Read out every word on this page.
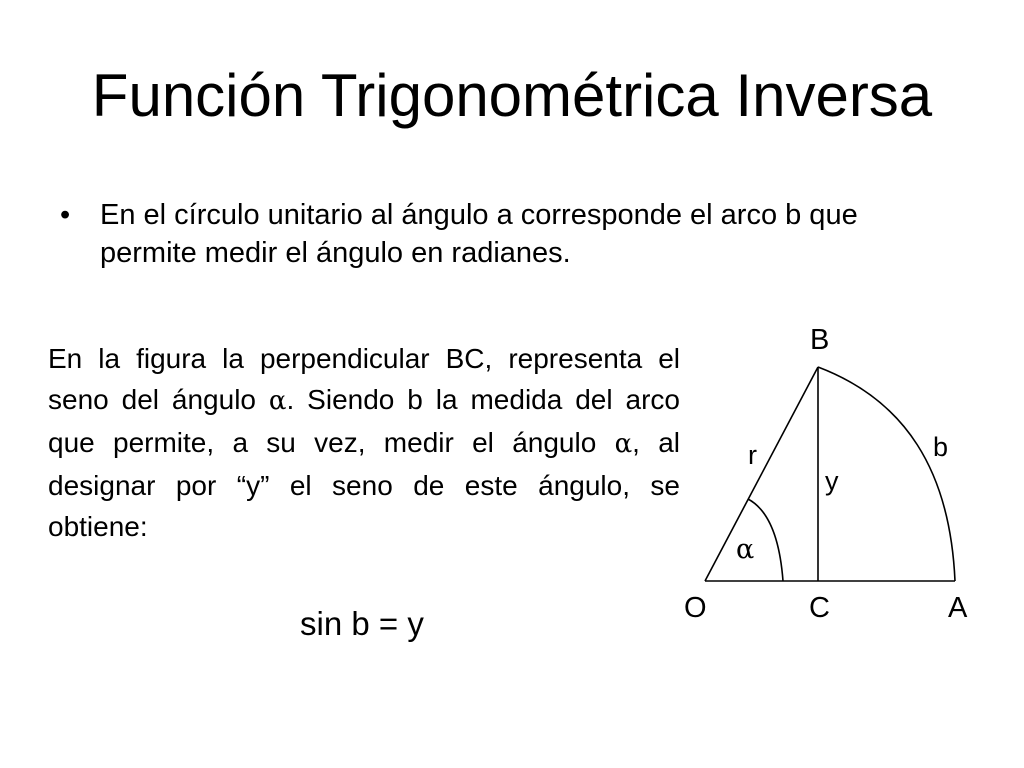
Función Trigonométrica Inversa
•	En el círculo unitario al ángulo a corresponde el arco b que permite medir el ángulo en radianes.
En la figura la perpendicular BC, representa el seno del ángulo α. Siendo b la medida del arco que permite, a su vez, medir el ángulo α, al designar por “y” el seno de este ángulo, se obtiene:
sin b = y
B
O	C	A
r
y
b
α
